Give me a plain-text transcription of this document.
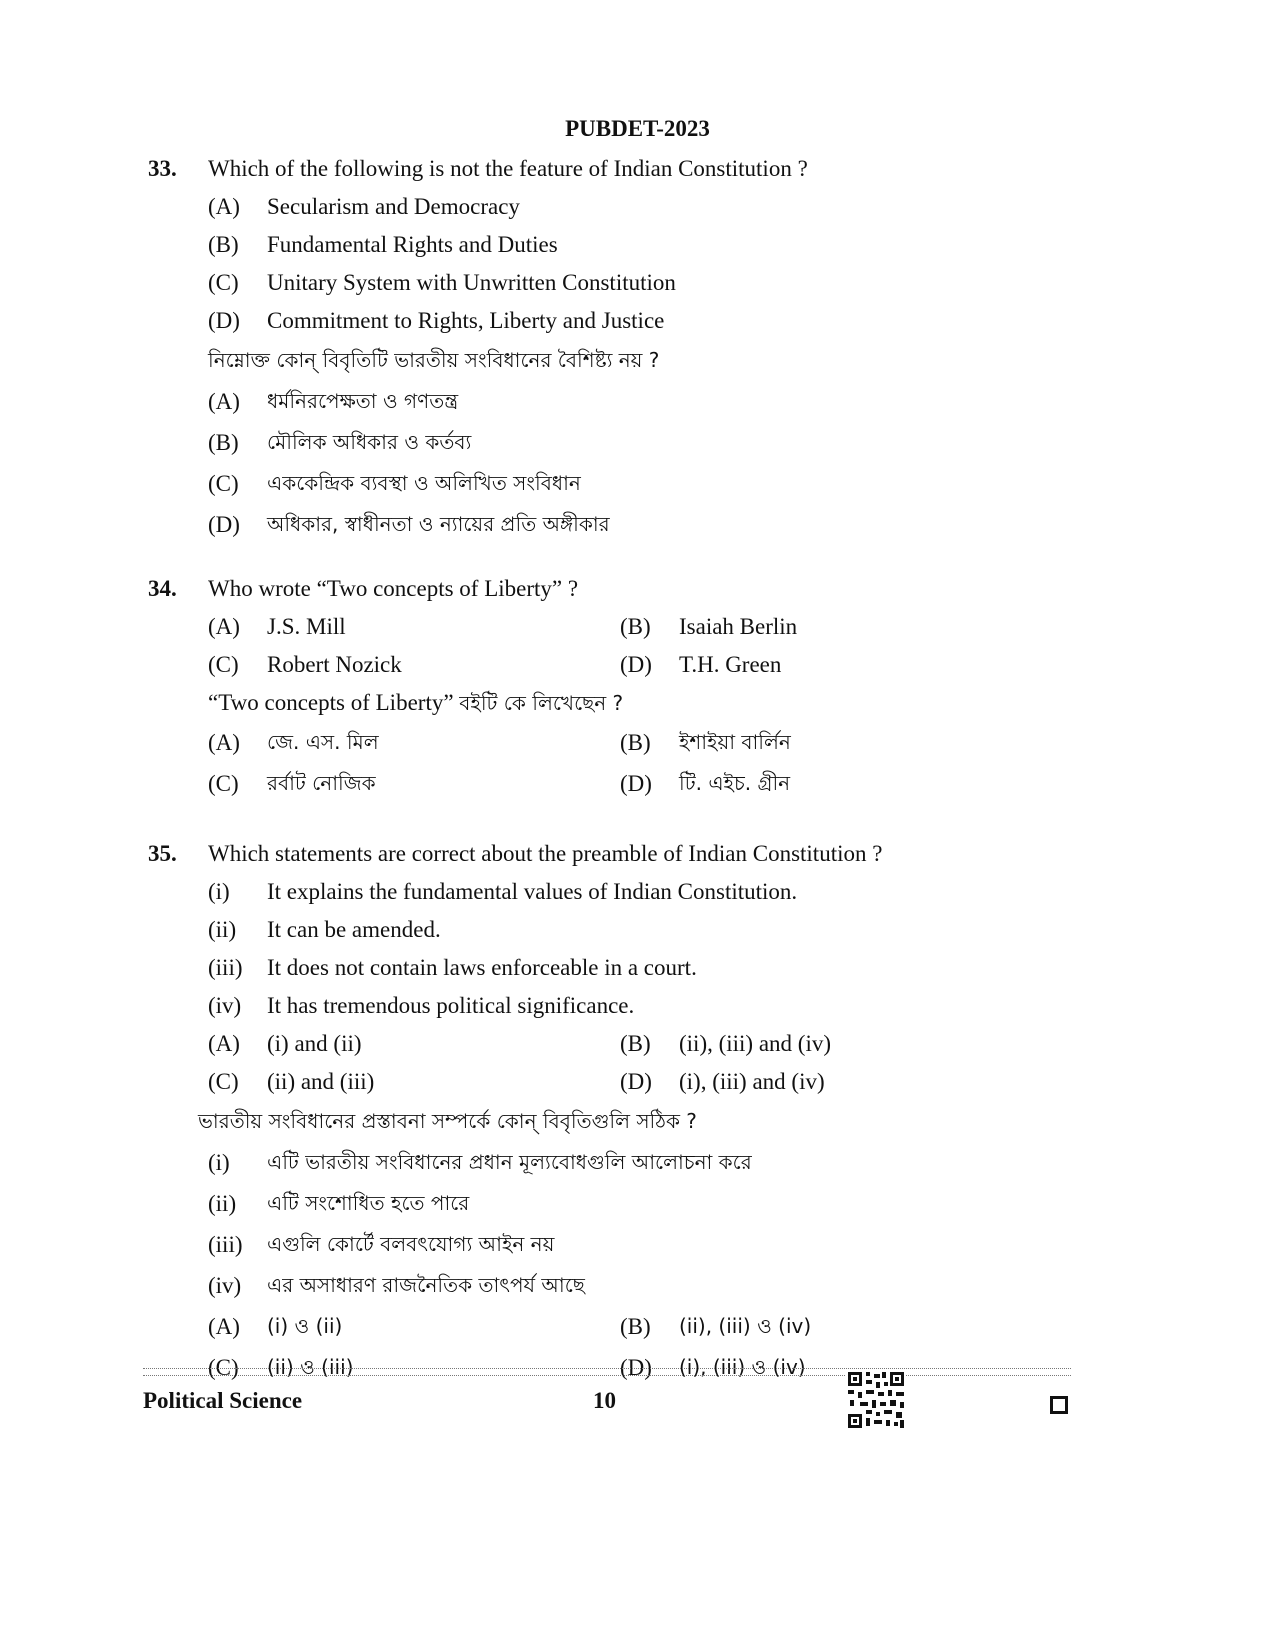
PUBDET-2023
33. Which of the following is not the feature of Indian Constitution ?
(A) Secularism and Democracy
(B) Fundamental Rights and Duties
(C) Unitary System with Unwritten Constitution
(D) Commitment to Rights, Liberty and Justice
নিম্নোক্ত কোন্ বিবৃতিটি ভারতীয় সংবিধানের বৈশিষ্ট্য নয় ?
(A) ধর্মনিরপেক্ষতা ও গণতন্ত্র
(B) মৌলিক অধিকার ও কর্তব্য
(C) এককেন্দ্রিক ব্যবস্থা ও অলিখিত সংবিধান
(D) অধিকার, স্বাধীনতা ও ন্যায়ের প্রতি অঙ্গীকার
34. Who wrote “Two concepts of Liberty” ?
(A) J.S. Mill	(B) Isaiah Berlin
(C) Robert Nozick	(D) T.H. Green
“Two concepts of Liberty” বইটি কে লিখেছেন ?
(A) জে. এস. মিল	(B) ইশাইয়া বার্লিন
(C) রর্বাট নোজিক	(D) টি. এইচ. গ্রীন
35. Which statements are correct about the preamble of Indian Constitution ?
(i) It explains the fundamental values of Indian Constitution.
(ii) It can be amended.
(iii) It does not contain laws enforceable in a court.
(iv) It has tremendous political significance.
(A) (i) and (ii)	(B) (ii), (iii) and (iv)
(C) (ii) and (iii)	(D) (i), (iii) and (iv)
ভারতীয় সংবিধানের প্রস্তাবনা সম্পর্কে কোন্ বিবৃতিগুলি সঠিক ?
(i) এটি ভারতীয় সংবিধানের প্রধান মূল্যবোধগুলি আলোচনা করে
(ii) এটি সংশোধিত হতে পারে
(iii) এগুলি কোর্টে বলবৎযোগ্য আইন নয়
(iv) এর অসাধারণ রাজনৈতিক তাৎপর্য আছে
(A) (i) ও (ii)	(B) (ii), (iii) ও (iv)
(C) (ii) ও (iii)	(D) (i), (iii) ও (iv)
Political Science	10
